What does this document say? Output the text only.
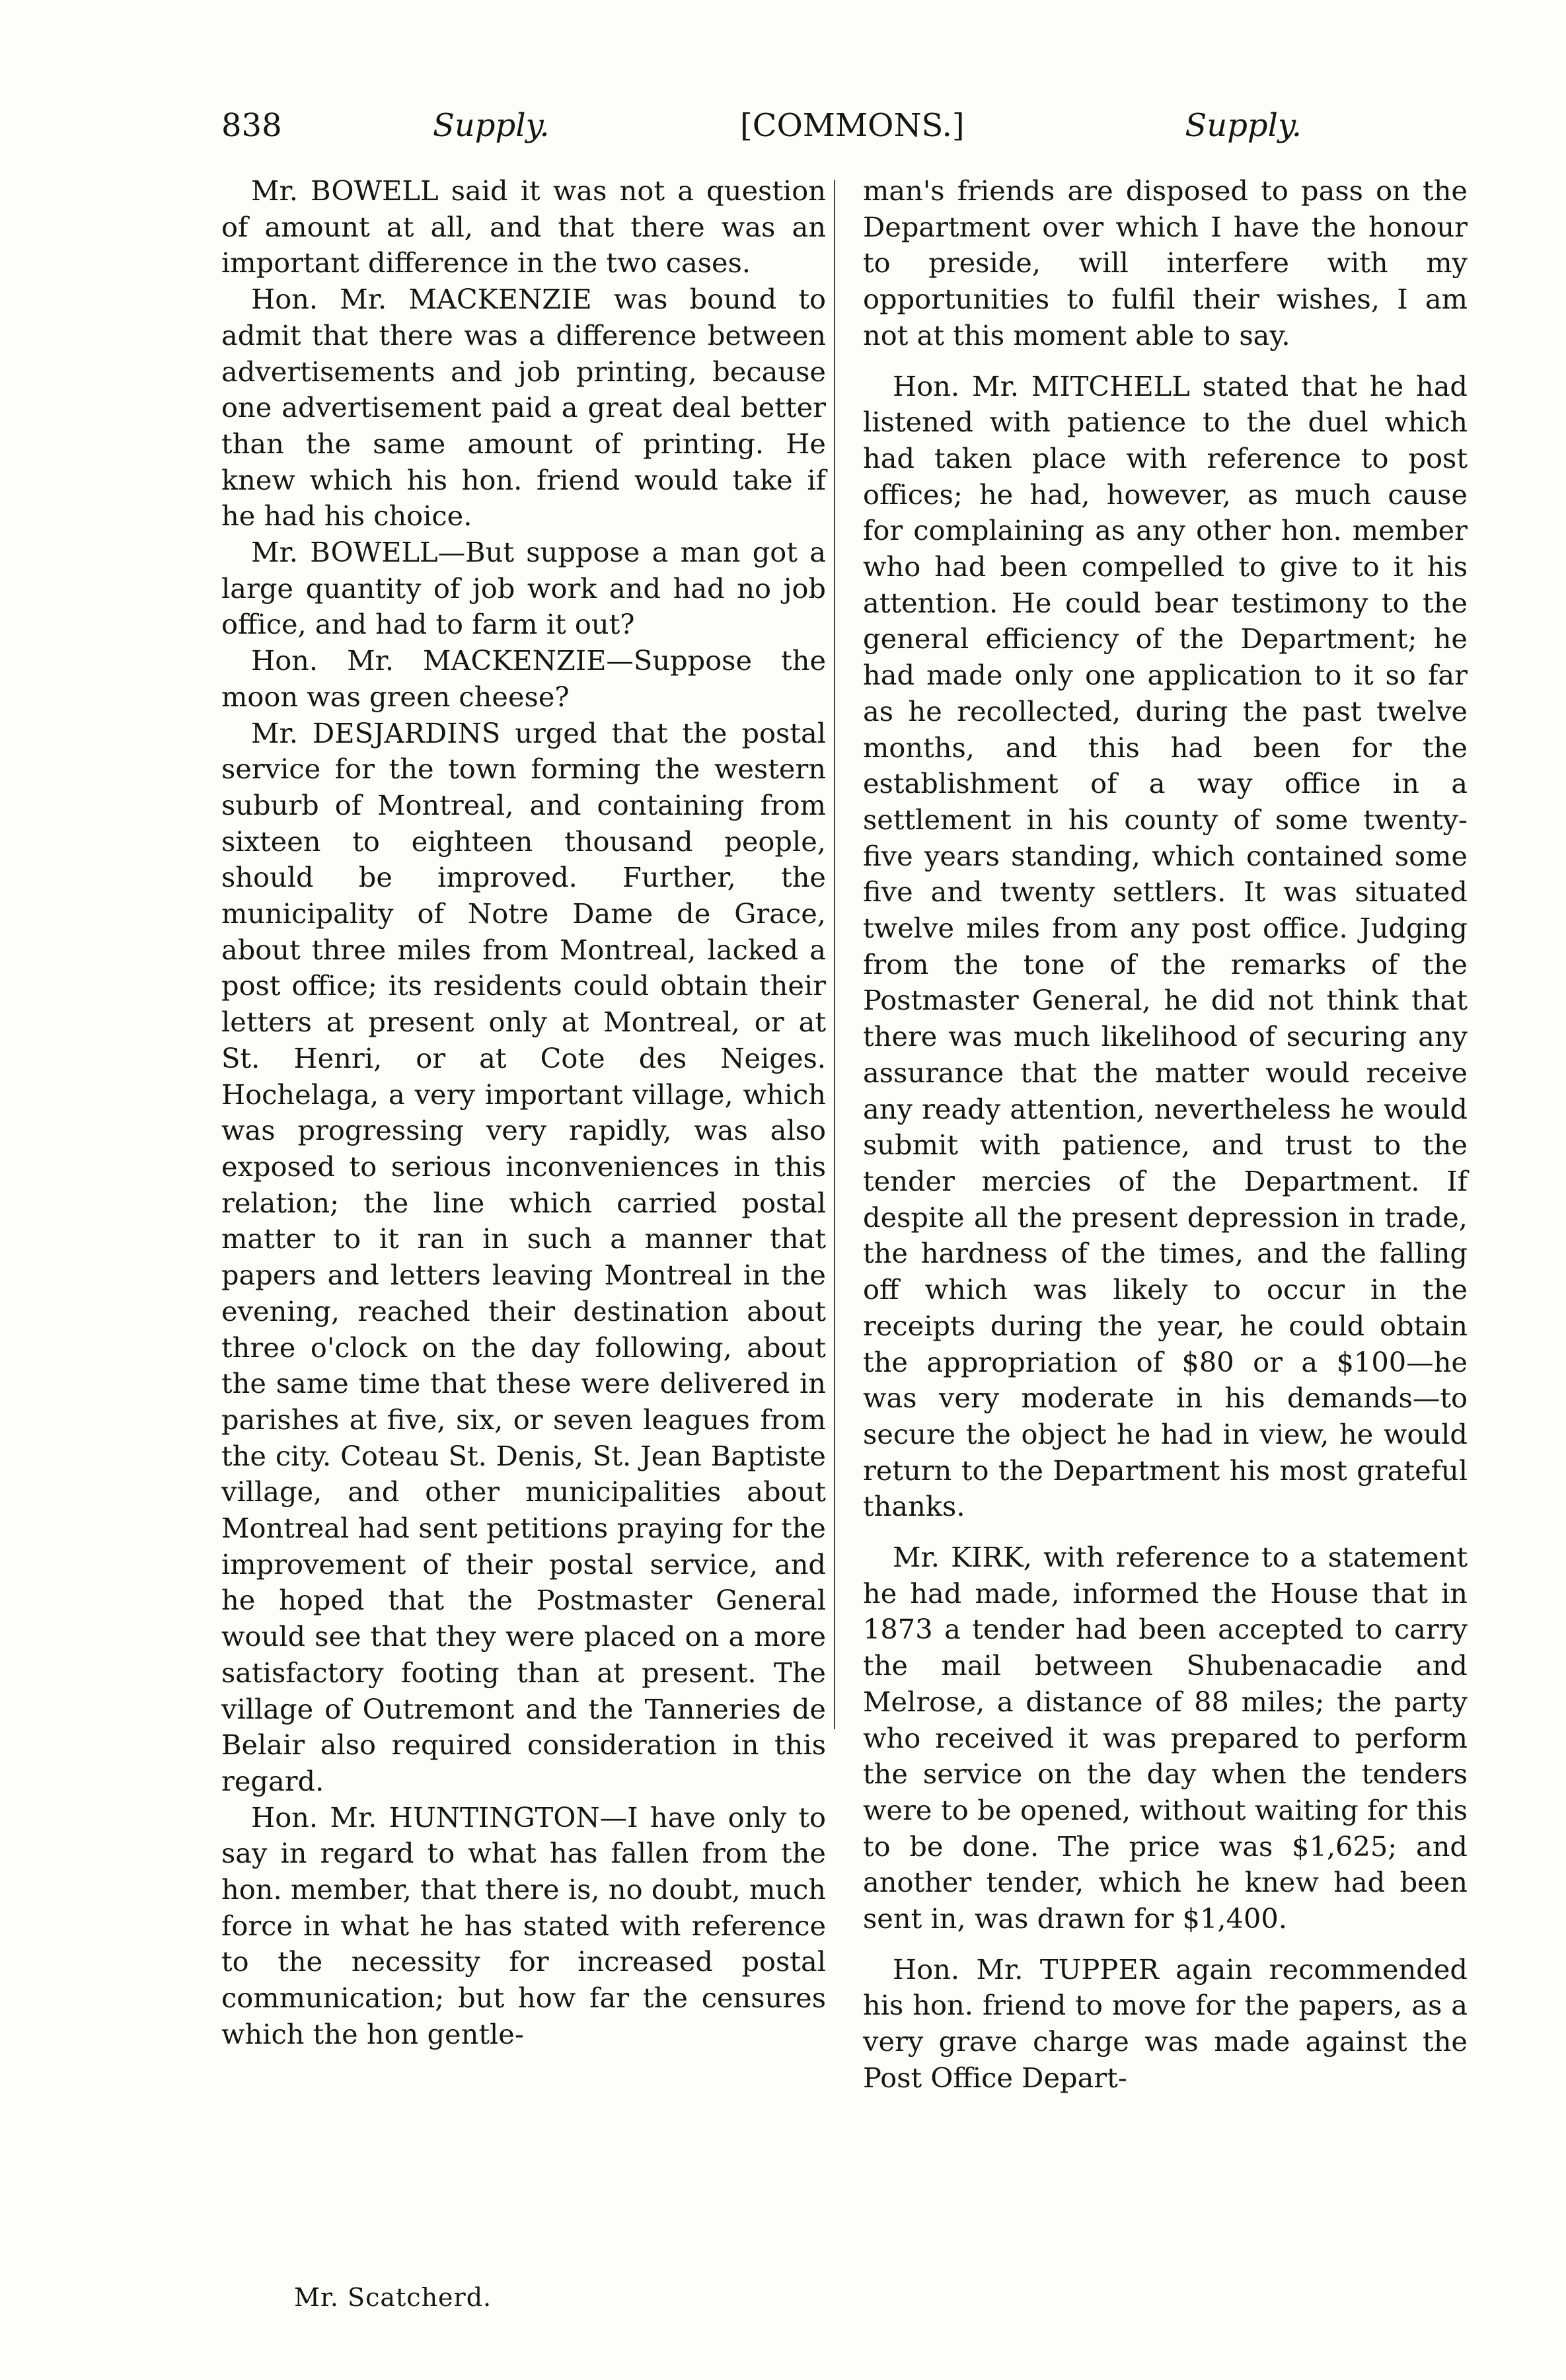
838	Supply.	[COMMONS.]	Supply.

Mr. BOWELL said it was not a question of amount at all, and that there was an important difference in the two cases.

Hon. Mr. MACKENZIE was bound to admit that there was a difference between advertisements and job printing, because one advertisement paid a great deal better than the same amount of printing. He knew which his hon. friend would take if he had his choice.

Mr. BOWELL—But suppose a man got a large quantity of job work and had no job office, and had to farm it out?

Hon. Mr. MACKENZIE—Suppose the moon was green cheese?

Mr. DESJARDINS urged that the postal service for the town forming the western suburb of Montreal, and containing from sixteen to eighteen thousand people, should be improved. Further, the municipality of Notre Dame de Grace, about three miles from Montreal, lacked a post office; its residents could obtain their letters at present only at Montreal, or at St. Henri, or at Cote des Neiges. Hochelaga, a very important village, which was progressing very rapidly, was also exposed to serious inconveniences in this relation; the line which carried postal matter to it ran in such a manner that papers and letters leaving Montreal in the evening, reached their destination about three o'clock on the day following, about the same time that these were delivered in parishes at five, six, or seven leagues from the city. Coteau St. Denis, St. Jean Baptiste village, and other municipalities about Montreal had sent petitions praying for the improvement of their postal service, and he hoped that the Postmaster General would see that they were placed on a more satisfactory footing than at present. The village of Outremont and the Tanneries de Belair also required consideration in this regard.

Hon. Mr. HUNTINGTON—I have only to say in regard to what has fallen from the hon. member, that there is, no doubt, much force in what he has stated with reference to the necessity for increased postal communication; but how far the censures which the hon gentle-

man's friends are disposed to pass on the Department over which I have the honour to preside, will interfere with my opportunities to fulfil their wishes, I am not at this moment able to say.

Hon. Mr. MITCHELL stated that he had listened with patience to the duel which had taken place with reference to post offices; he had, however, as much cause for complaining as any other hon. member who had been compelled to give to it his attention. He could bear testimony to the general efficiency of the Department; he had made only one application to it so far as he recollected, during the past twelve months, and this had been for the establishment of a way office in a settlement in his county of some twenty-five years standing, which contained some five and twenty settlers. It was situated twelve miles from any post office. Judging from the tone of the remarks of the Postmaster General, he did not think that there was much likelihood of securing any assurance that the matter would receive any ready attention, nevertheless he would submit with patience, and trust to the tender mercies of the Department. If despite all the present depression in trade, the hardness of the times, and the falling off which was likely to occur in the receipts during the year, he could obtain the appropriation of $80 or a $100—he was very moderate in his demands—to secure the object he had in view, he would return to the Department his most grateful thanks.

Mr. KIRK, with reference to a statement he had made, informed the House that in 1873 a tender had been accepted to carry the mail between Shubenacadie and Melrose, a distance of 88 miles; the party who received it was prepared to perform the service on the day when the tenders were to be opened, without waiting for this to be done. The price was $1,625; and another tender, which he knew had been sent in, was drawn for $1,400.

Hon. Mr. TUPPER again recommended his hon. friend to move for the papers, as a very grave charge was made against the Post Office Depart-

Mr. Scatcherd.
